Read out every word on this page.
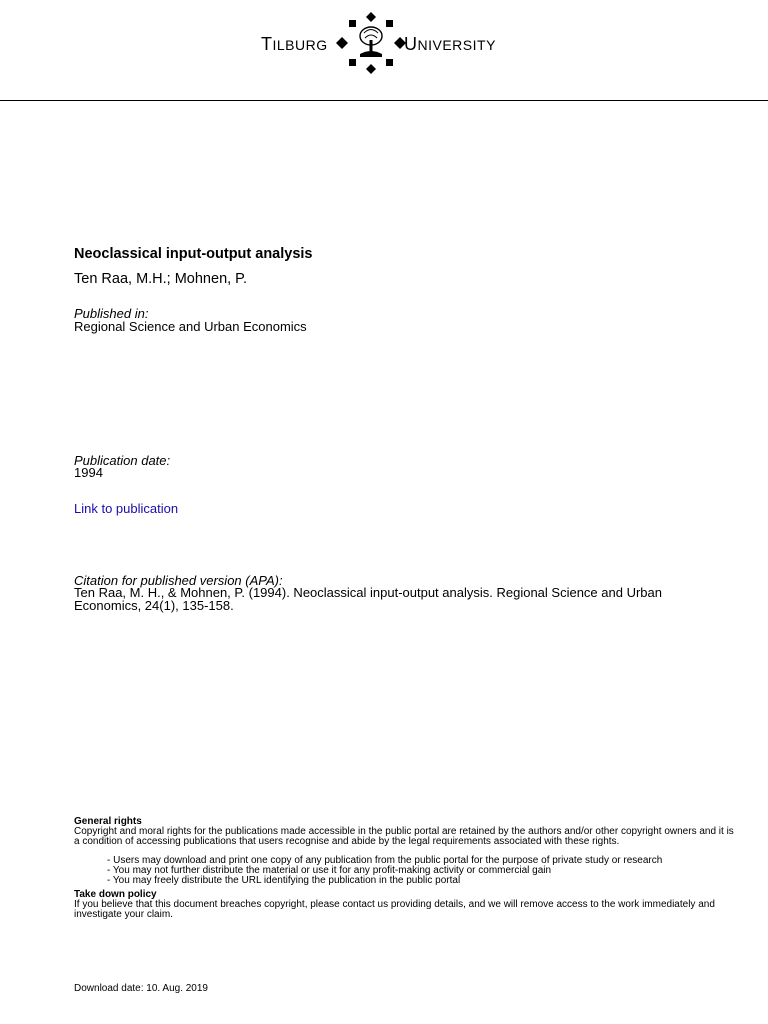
TILBURG	UNIVERSITY
Neoclassical input-output analysis
Ten Raa, M.H.; Mohnen, P.
Published in:
Regional Science and Urban Economics
Publication date:
1994
Link to publication
Citation for published version (APA):
Ten Raa, M. H., & Mohnen, P. (1994). Neoclassical input-output analysis. Regional Science and Urban Economics, 24(1), 135-158.
General rights
Copyright and moral rights for the publications made accessible in the public portal are retained by the authors and/or other copyright owners and it is a condition of accessing publications that users recognise and abide by the legal requirements associated with these rights.
- Users may download and print one copy of any publication from the public portal for the purpose of private study or research
- You may not further distribute the material or use it for any profit-making activity or commercial gain
- You may freely distribute the URL identifying the publication in the public portal
Take down policy
If you believe that this document breaches copyright, please contact us providing details, and we will remove access to the work immediately and investigate your claim.
Download date: 10. Aug. 2019
